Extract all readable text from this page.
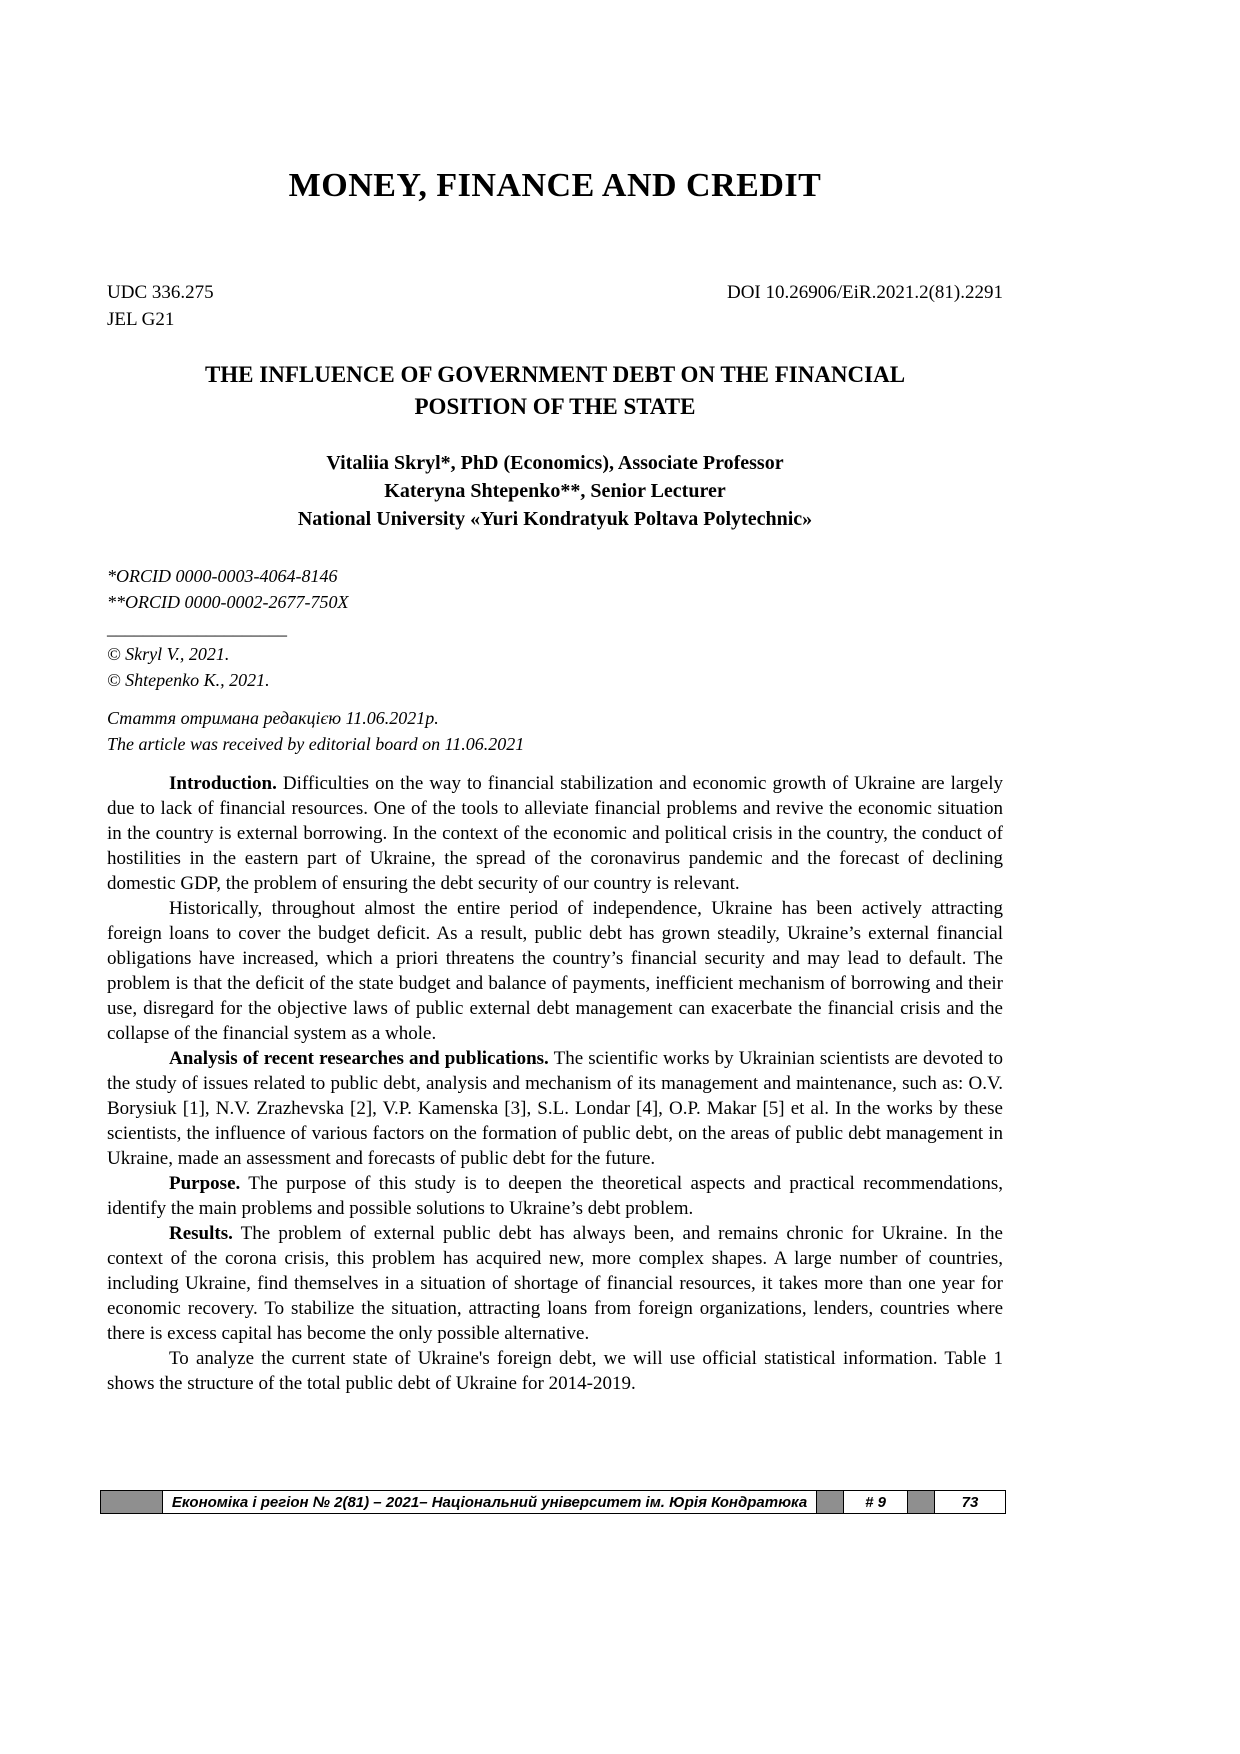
MONEY, FINANCE AND CREDIT
UDC 336.275
JEL G21
DOI 10.26906/EiR.2021.2(81).2291
THE INFLUENCE OF GOVERNMENT DEBT ON THE FINANCIAL
POSITION OF THE STATE
Vitaliia Skryl*, PhD (Economics), Associate Professor
Kateryna Shtepenko**, Senior Lecturer
National University «Yuri Kondratyuk Poltava Polytechnic»
*ORCID 0000-0003-4064-8146
**ORCID 0000-0002-2677-750X
____________________
© Skryl V., 2021.
© Shtepenko K., 2021.
Стаття отримана редакцією 11.06.2021р.
The article was received by editorial board on 11.06.2021

Introduction. Difficulties on the way to financial stabilization and economic growth of Ukraine are largely due to lack of financial resources. One of the tools to alleviate financial problems and revive the economic situation in the country is external borrowing. In the context of the economic and political crisis in the country, the conduct of hostilities in the eastern part of Ukraine, the spread of the coronavirus pandemic and the forecast of declining domestic GDP, the problem of ensuring the debt security of our country is relevant.

Historically, throughout almost the entire period of independence, Ukraine has been actively attracting foreign loans to cover the budget deficit. As a result, public debt has grown steadily, Ukraine’s external financial obligations have increased, which a priori threatens the country’s financial security and may lead to default. The problem is that the deficit of the state budget and balance of payments, inefficient mechanism of borrowing and their use, disregard for the objective laws of public external debt management can exacerbate the financial crisis and the collapse of the financial system as a whole.

Analysis of recent researches and publications. The scientific works by Ukrainian scientists are devoted to the study of issues related to public debt, analysis and mechanism of its management and maintenance, such as: O.V. Borysiuk [1], N.V. Zrazhevska [2], V.P. Kamenska [3], S.L. Londar [4], O.P. Makar [5] et al. In the works by these scientists, the influence of various factors on the formation of public debt, on the areas of public debt management in Ukraine, made an assessment and forecasts of public debt for the future.

Purpose. The purpose of this study is to deepen the theoretical aspects and practical recommendations, identify the main problems and possible solutions to Ukraine’s debt problem.

Results. The problem of external public debt has always been, and remains chronic for Ukraine. In the context of the corona crisis, this problem has acquired new, more complex shapes. A large number of countries, including Ukraine, find themselves in a situation of shortage of financial resources, it takes more than one year for economic recovery. To stabilize the situation, attracting loans from foreign organizations, lenders, countries where there is excess capital has become the only possible alternative.

To analyze the current state of Ukraine's foreign debt, we will use official statistical information. Table 1 shows the structure of the total public debt of Ukraine for 2014-2019.

Економіка і регіон № 2(81) – 2021– Національний університет ім. Юрія Кондратюка	# 9	73
